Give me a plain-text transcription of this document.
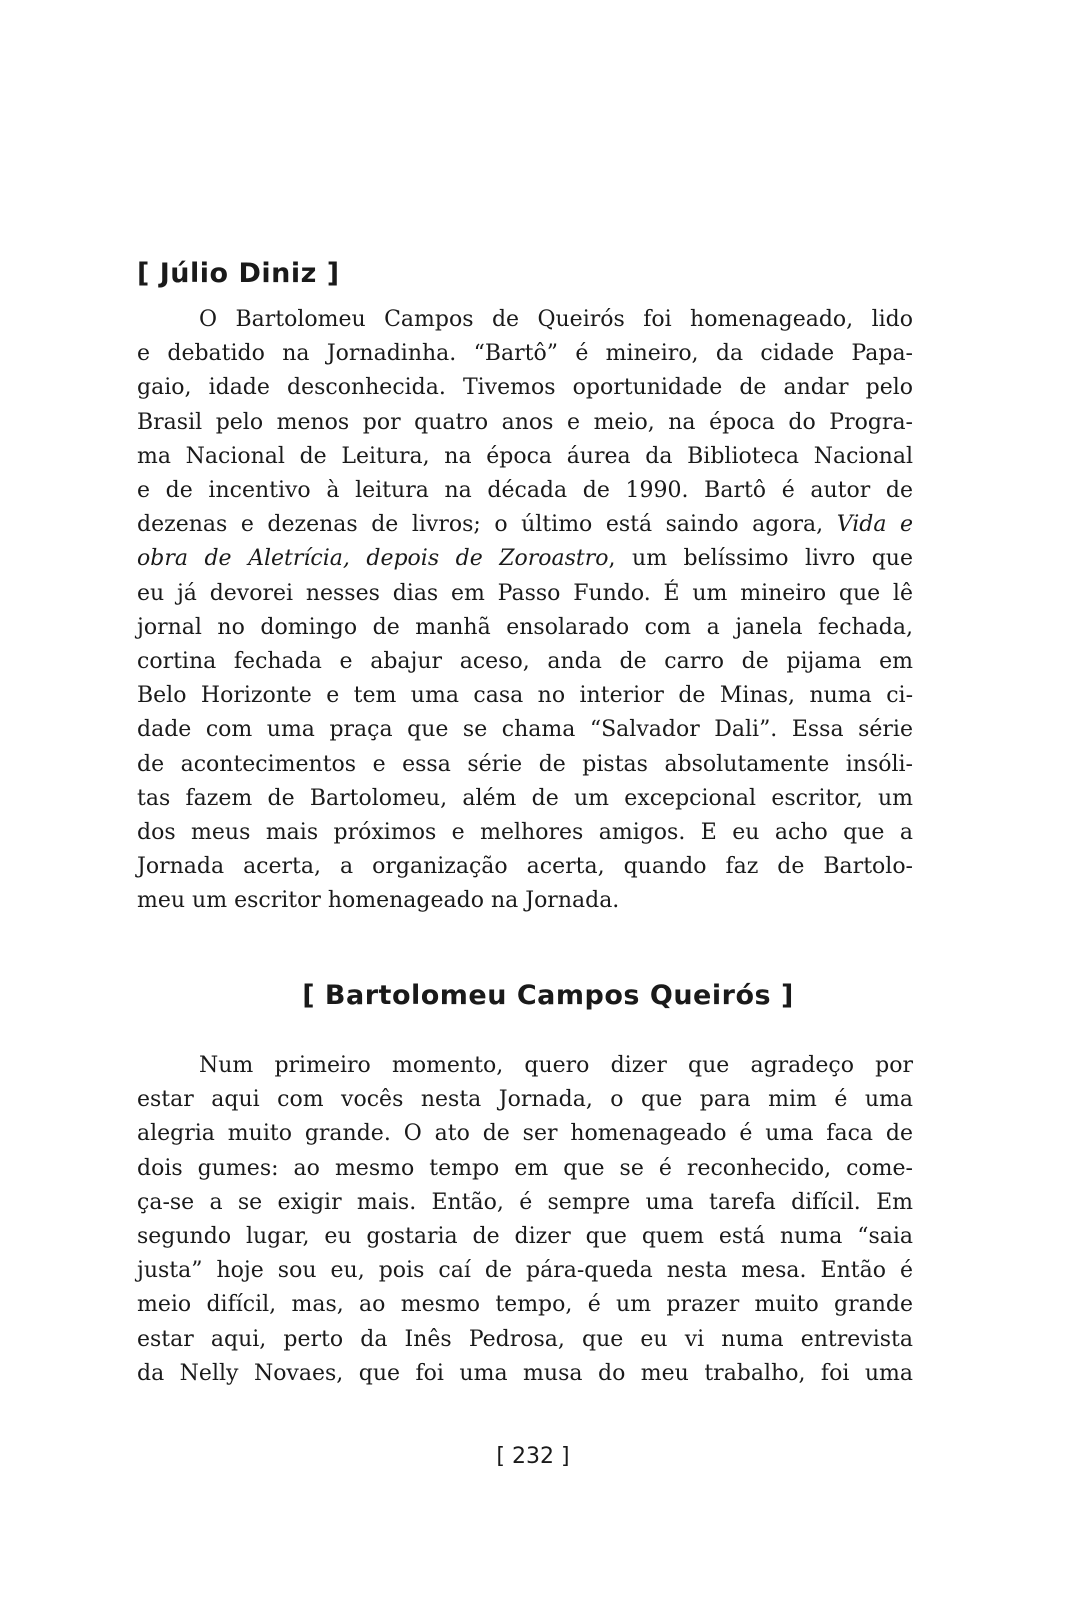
[ Júlio Diniz ]
O Bartolomeu Campos de Queirós foi homenageado, lido
e debatido na Jornadinha. “Bartô” é mineiro, da cidade Papa-
gaio, idade desconhecida. Tivemos oportunidade de andar pelo
Brasil pelo menos por quatro anos e meio, na época do Progra-
ma Nacional de Leitura, na época áurea da Biblioteca Nacional
e de incentivo à leitura na década de 1990. Bartô é autor de
dezenas e dezenas de livros; o último está saindo agora, Vida e
obra de Aletrícia, depois de Zoroastro, um belíssimo livro que
eu já devorei nesses dias em Passo Fundo. É um mineiro que lê
jornal no domingo de manhã ensolarado com a janela fechada,
cortina fechada e abajur aceso, anda de carro de pijama em
Belo Horizonte e tem uma casa no interior de Minas, numa ci-
dade com uma praça que se chama “Salvador Dali”. Essa série
de acontecimentos e essa série de pistas absolutamente insóli-
tas fazem de Bartolomeu, além de um excepcional escritor, um
dos meus mais próximos e melhores amigos. E eu acho que a
Jornada acerta, a organização acerta, quando faz de Bartolo-
meu um escritor homenageado na Jornada.
[ Bartolomeu Campos Queirós ]
Num primeiro momento, quero dizer que agradeço por
estar aqui com vocês nesta Jornada, o que para mim é uma
alegria muito grande. O ato de ser homenageado é uma faca de
dois gumes: ao mesmo tempo em que se é reconhecido, come-
ça-se a se exigir mais. Então, é sempre uma tarefa difícil. Em
segundo lugar, eu gostaria de dizer que quem está numa “saia
justa” hoje sou eu, pois caí de pára-queda nesta mesa. Então é
meio difícil, mas, ao mesmo tempo, é um prazer muito grande
estar aqui, perto da Inês Pedrosa, que eu vi numa entrevista
da Nelly Novaes, que foi uma musa do meu trabalho, foi uma
[ 232 ]
